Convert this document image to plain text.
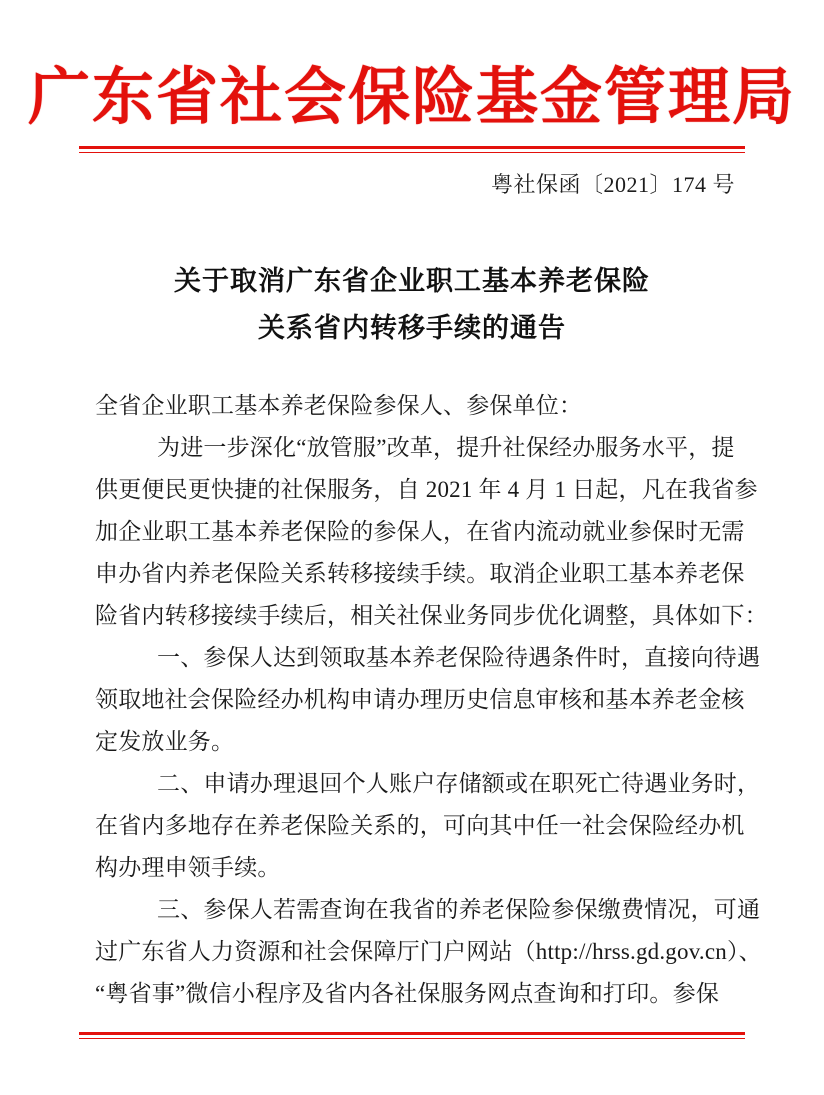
广东省社会保险基金管理局
粤社保函〔2021〕174 号
关于取消广东省企业职工基本养老保险
关系省内转移手续的通告

全省企业职工基本养老保险参保人、参保单位：

为进一步深化“放管服”改革，提升社保经办服务水平，提
供更便民更快捷的社保服务，自 2021 年 4 月 1 日起，凡在我省参
加企业职工基本养老保险的参保人，在省内流动就业参保时无需
申办省内养老保险关系转移接续手续。取消企业职工基本养老保
险省内转移接续手续后，相关社保业务同步优化调整，具体如下：

一、参保人达到领取基本养老保险待遇条件时，直接向待遇
领取地社会保险经办机构申请办理历史信息审核和基本养老金核
定发放业务。

二、申请办理退回个人账户存储额或在职死亡待遇业务时，
在省内多地存在养老保险关系的，可向其中任一社会保险经办机
构办理申领手续。

三、参保人若需查询在我省的养老保险参保缴费情况，可通
过广东省人力资源和社会保障厅门户网站（http://hrss.gd.gov.cn）、
“粤省事”微信小程序及省内各社保服务网点查询和打印。参保
